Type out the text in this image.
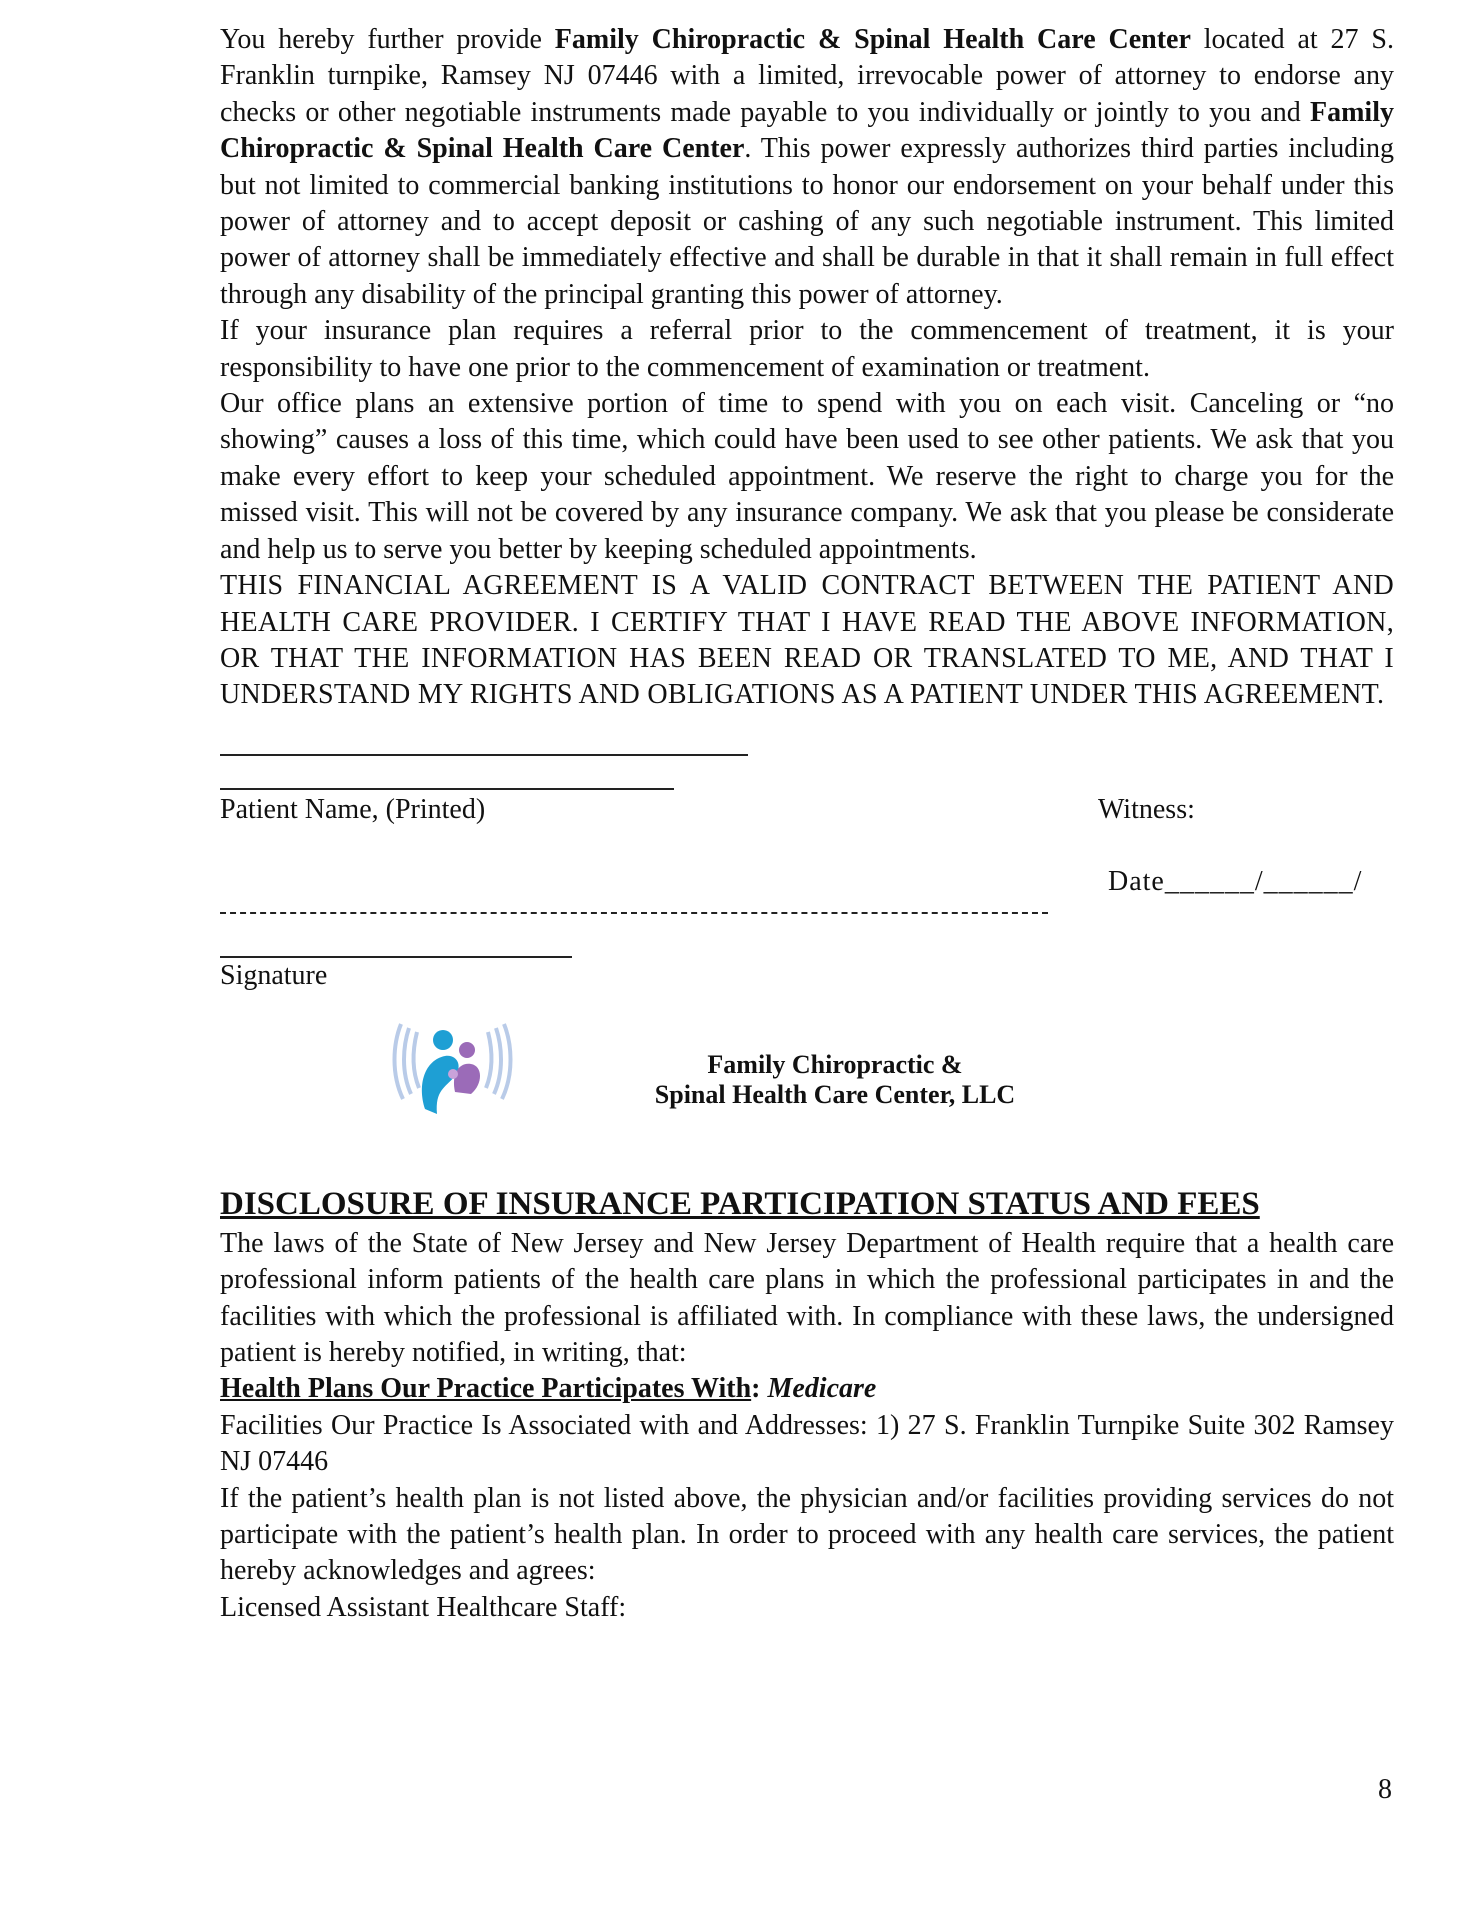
You hereby further provide Family Chiropractic & Spinal Health Care Center located at 27 S. Franklin turnpike, Ramsey NJ 07446 with a limited, irrevocable power of attorney to endorse any checks or other negotiable instruments made payable to you individually or jointly to you and Family Chiropractic & Spinal Health Care Center. This power expressly authorizes third parties including but not limited to commercial banking institutions to honor our endorsement on your behalf under this power of attorney and to accept deposit or cashing of any such negotiable instrument. This limited power of attorney shall be immediately effective and shall be durable in that it shall remain in full effect through any disability of the principal granting this power of attorney.

If your insurance plan requires a referral prior to the commencement of treatment, it is your responsibility to have one prior to the commencement of examination or treatment.

Our office plans an extensive portion of time to spend with you on each visit. Canceling or “no showing” causes a loss of this time, which could have been used to see other patients. We ask that you make every effort to keep your scheduled appointment. We reserve the right to charge you for the missed visit. This will not be covered by any insurance company. We ask that you please be considerate and help us to serve you better by keeping scheduled appointments.

THIS FINANCIAL AGREEMENT IS A VALID CONTRACT BETWEEN THE PATIENT AND HEALTH CARE PROVIDER. I CERTIFY THAT I HAVE READ THE ABOVE INFORMATION, OR THAT THE INFORMATION HAS BEEN READ OR TRANSLATED TO ME, AND THAT I UNDERSTAND MY RIGHTS AND OBLIGATIONS AS A PATIENT UNDER THIS AGREEMENT.

Patient Name, (Printed)	Witness:
Date______/______/
Signature
Family Chiropractic &
Spinal Health Care Center, LLC
DISCLOSURE OF INSURANCE PARTICIPATION STATUS AND FEES

The laws of the State of New Jersey and New Jersey Department of Health require that a health care professional inform patients of the health care plans in which the professional participates in and the facilities with which the professional is affiliated with. In compliance with these laws, the undersigned patient is hereby notified, in writing, that:

Health Plans Our Practice Participates With: Medicare

Facilities Our Practice Is Associated with and Addresses: 1) 27 S. Franklin Turnpike Suite 302 Ramsey NJ 07446

If the patient’s health plan is not listed above, the physician and/or facilities providing services do not participate with the patient’s health plan. In order to proceed with any health care services, the patient hereby acknowledges and agrees:

Licensed Assistant Healthcare Staff:

8
